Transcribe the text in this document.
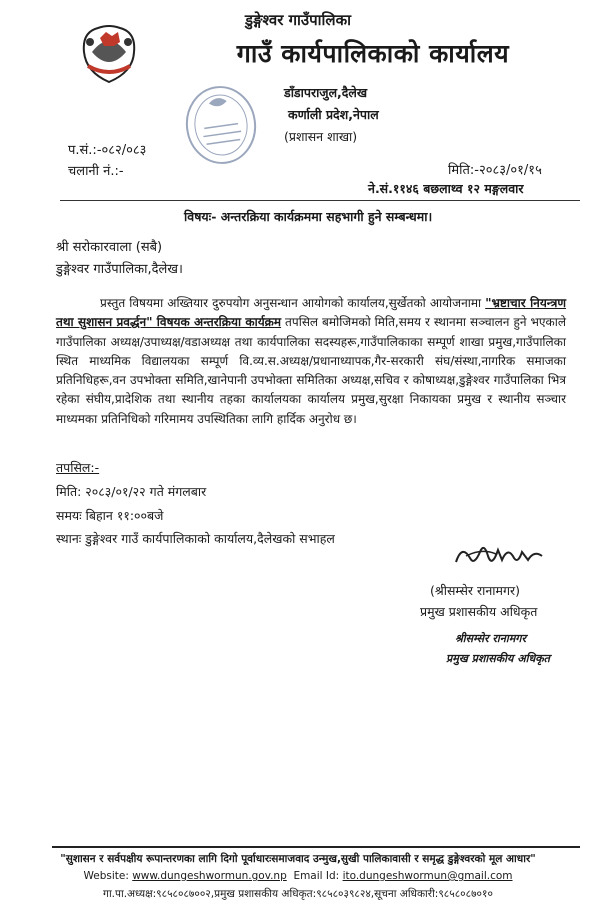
डुङ्गेश्वर गाउँपालिका
गाउँ कार्यपालिकाको कार्यालय
डाँडापराजुल,दैलेख
कर्णाली प्रदेश,नेपाल
(प्रशासन शाखा)
प.सं.:-०८२/०८३
चलानी नं.:-	मिति:-२०८३/०१/१५
ने.सं.११४६ बछलाथ्व १२ मङ्गलवार
विषयः- अन्तरक्रिया कार्यक्रममा सहभागी हुने सम्बन्धमा।
श्री सरोकारवाला (सबै)
डुङ्गेश्वर गाउँपालिका,दैलेख।
प्रस्तुत विषयमा अख्तियार दुरुपयोग अनुसन्धान आयोगको कार्यालय,सुर्खेतको आयोजनामा "भ्रष्टाचार नियन्त्रण तथा सुशासन प्रवर्द्धन" विषयक अन्तरक्रिया कार्यक्रम तपसिल बमोजिमको मिति,समय र स्थानमा सञ्चालन हुने भएकाले गाउँपालिका अध्यक्ष/उपाध्यक्ष/वडाअध्यक्ष तथा कार्यपालिका सदस्यहरू,गाउँपालिकाका सम्पूर्ण शाखा प्रमुख,गाउँपालिका स्थित माध्यमिक विद्यालयका सम्पूर्ण वि.व्य.स.अध्यक्ष/प्रधानाध्यापक,गैर-सरकारी संघ/संस्था,नागरिक समाजका प्रतिनिधिहरू,वन उपभोक्ता समिति,खानेपानी उपभोक्ता समितिका अध्यक्ष,सचिव र कोषाध्यक्ष,डुङ्गेश्वर गाउँपालिका भित्र रहेका संघीय,प्रादेशिक तथा स्थानीय तहका कार्यालयका कार्यालय प्रमुख,सुरक्षा निकायका प्रमुख र स्थानीय सञ्चार माध्यमका प्रतिनिधिको गरिमामय उपस्थितिका लागि हार्दिक अनुरोध छ।
तपसिल:-
मिति: २०८३/०१/२२ गते मंगलबार
समयः बिहान ११:००बजे
स्थानः डुङ्गेश्वर गाउँ कार्यपालिकाको कार्यालय,दैलेखको सभाहल
(श्रीसम्सेर रानामगर)
प्रमुख प्रशासकीय अधिकृत
श्रीसम्सेर रानामगर
प्रमुख प्रशासकीय अधिकृत
"सुशासन र सर्वपक्षीय रूपान्तरणका लागि दिगो पूर्वाधारःसमाजवाद उन्मुख,सुखी पालिकावासी र समृद्ध डुङ्गेश्वरको मूल आधार"
Website: www.dungeshwormun.gov.np Email Id: ito.dungeshwormun@gmail.com
गा.पा.अध्यक्ष:९८५८०८७००२,प्रमुख प्रशासकीय अधिकृत:९८५८०३९८२४,सूचना अधिकारी:९८५८०८७०१०
